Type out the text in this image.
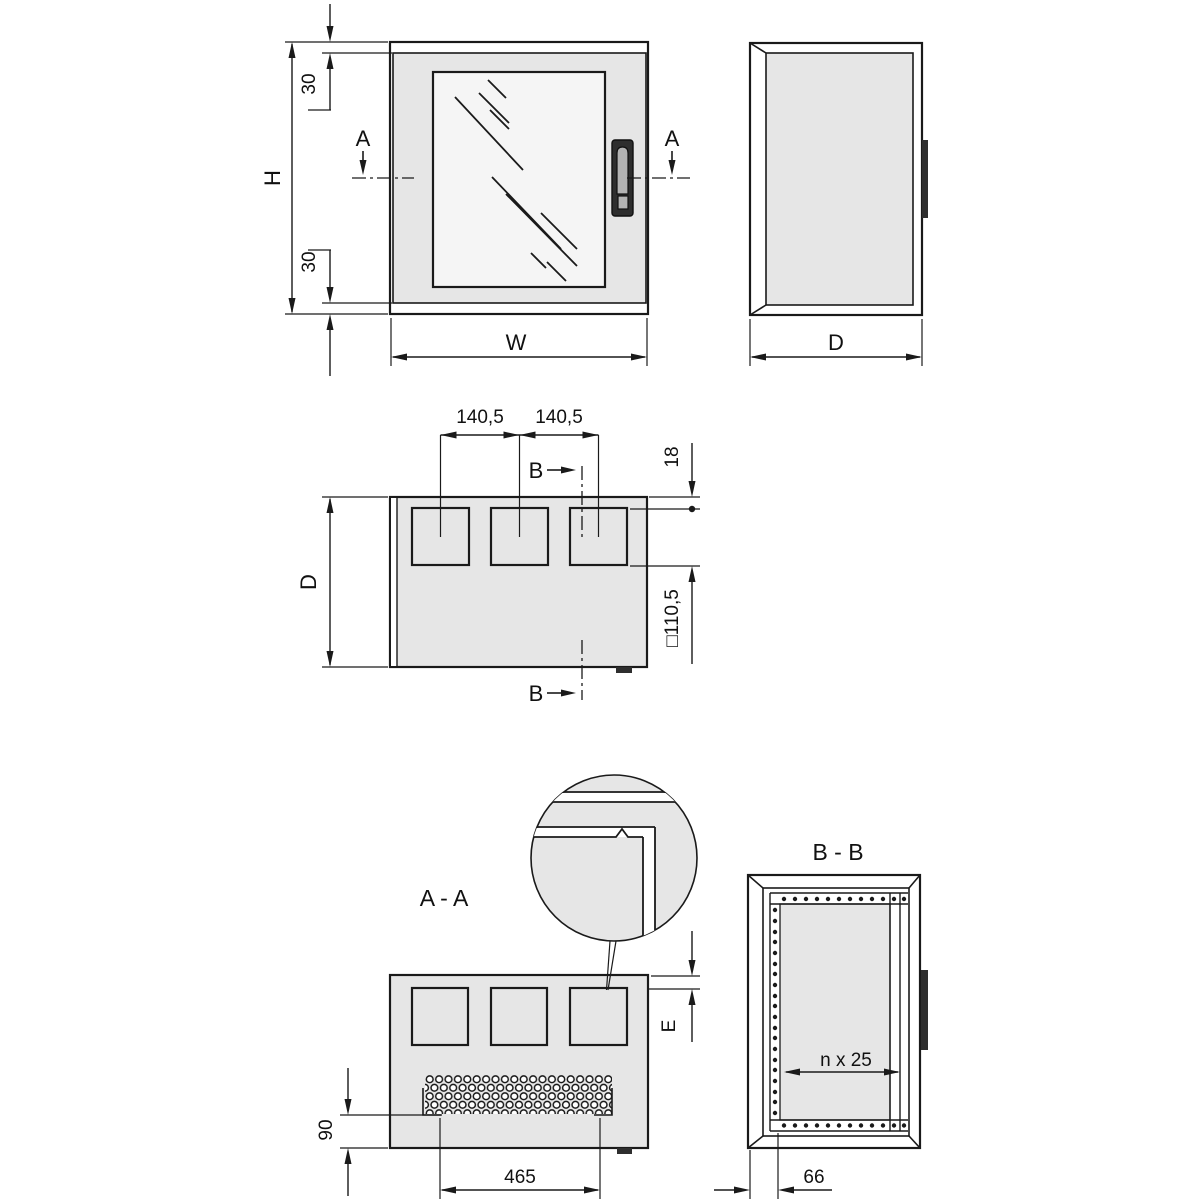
A	A
H
30
30
W	D
140,5 140,5
B
B
D
18
□110,5
A - A
465
90
E
B - B
n x 25
66
